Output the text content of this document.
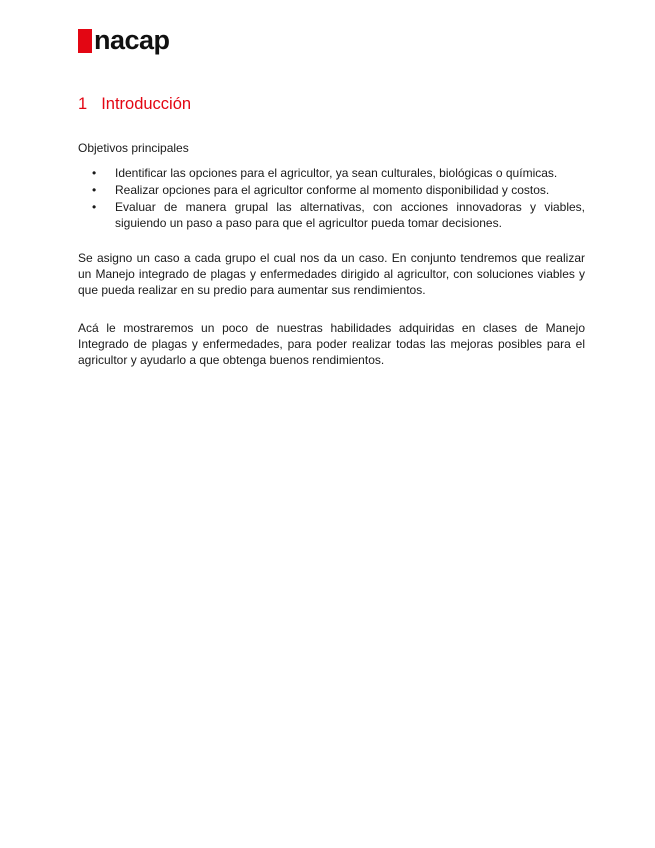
nacap
1 Introducción
Objetivos principales
• Identificar las opciones para el agricultor, ya sean culturales, biológicas o químicas.
• Realizar opciones para el agricultor conforme al momento disponibilidad y costos.
• Evaluar de manera grupal las alternativas, con acciones innovadoras y viables, siguiendo un paso a paso para que el agricultor pueda tomar decisiones.

Se asigno un caso a cada grupo el cual nos da un caso. En conjunto tendremos que realizar un Manejo integrado de plagas y enfermedades dirigido al agricultor, con soluciones viables y que pueda realizar en su predio para aumentar sus rendimientos.

Acá le mostraremos un poco de nuestras habilidades adquiridas en clases de Manejo Integrado de plagas y enfermedades, para poder realizar todas las mejoras posibles para el agricultor y ayudarlo a que obtenga buenos rendimientos.
